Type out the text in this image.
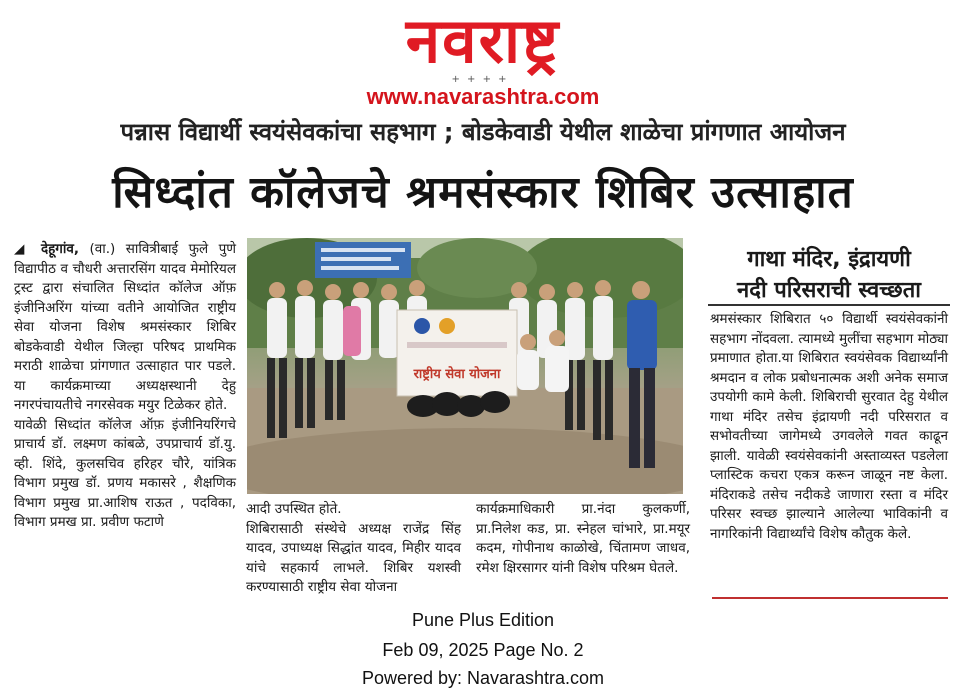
नवराष्ट्र
+ + + +
www.navarashtra.com
पन्नास विद्यार्थी स्वयंसेवकांचा सहभाग ; बोडकेवाडी येथील शाळेचा प्रांगणात आयोजन
सिध्दांत कॉलेजचे श्रमसंस्कार शिबिर उत्साहात

◢ देहूगांव, (वा.) सावित्रीबाई फुले पुणे विद्यापीठ व चौधरी अत्तारसिंग यादव मेमोरियल ट्रस्ट द्वारा संचालित सिध्दांत कॉलेज ऑफ़ इंजीनिअरिंग यांच्या वतीने आयोजित राष्ट्रीय सेवा योजना विशेष श्रमसंस्कार शिबिर बोडकेवाडी येथील जिल्हा परिषद प्राथमिक मराठी शाळेचा प्रांगणात उत्साहात पार पडले. या कार्यक्रमाच्या अध्यक्षस्थानी देहु नगरपंचायतीचे नगरसेवक मयुर टिळेकर होते.

यावेळी सिध्दांत कॉलेज ऑफ़ इंजीनियरिंगचे प्राचार्य डॉ. लक्ष्मण कांबळे, उपप्राचार्य डॉ.यु. व्ही. शिंदे, कुलसचिव हरिहर चौरे, यांत्रिक विभाग प्रमुख डॉ. प्रणय मकासरे , शैक्षणिक विभाग प्रमुख प्रा.आशिष राऊत , पदविका, विभाग प्रमख प्रा. प्रवीण फटाणे

राष्ट्रीय सेवा योजना

आदी उपस्थित होते.

शिबिरासाठी संस्थेचे अध्यक्ष राजेंद्र सिंह यादव, उपाध्यक्ष सिद्धांत यादव, मिहीर यादव यांचे सहकार्य लाभले. शिबिर यशस्वी करण्यासाठी राष्ट्रीय सेवा योजना

कार्यक्रमाधिकारी प्रा.नंदा कुलकर्णी, प्रा.निलेश कड, प्रा. स्नेहल चांभारे, प्रा.मयूर कदम, गोपीनाथ काळोखे, चिंतामण जाधव, रमेश क्षिरसागर यांनी विशेष परिश्रम घेतले.

गाथा मंदिर, इंद्रायणी
नदी परिसराची स्वच्छता
श्रमसंस्कार शिबिरात ५० विद्यार्थी स्वयंसेवकांनी सहभाग नोंदवला. त्यामध्ये मुलींचा सहभाग मोठ्या प्रमाणात होता.या शिबिरात स्वयंसेवक विद्यार्थ्यांनी श्रमदान व लोक प्रबोधनात्मक अशी अनेक समाज उपयोगी कामे केली. शिबिराची सुरवात देहु येथील गाथा मंदिर तसेच इंद्रायणी नदी परिसरात व सभोवतीच्या जागेमध्ये उगवलेले गवत काढून झाली. यावेळी स्वयंसेवकांनी अस्ताव्यस्त पडलेला प्लास्टिक कचरा एकत्र करून जाळून नष्ट केला. मंदिराकडे तसेच नदीकडे जाणारा रस्ता व मंदिर परिसर स्वच्छ झाल्याने आलेल्या भाविकांनी व नागरिकांनी विद्यार्थ्यांचे विशेष कौतुक केले.
Pune Plus Edition
Feb 09, 2025 Page No. 2
Powered by: Navarashtra.com
